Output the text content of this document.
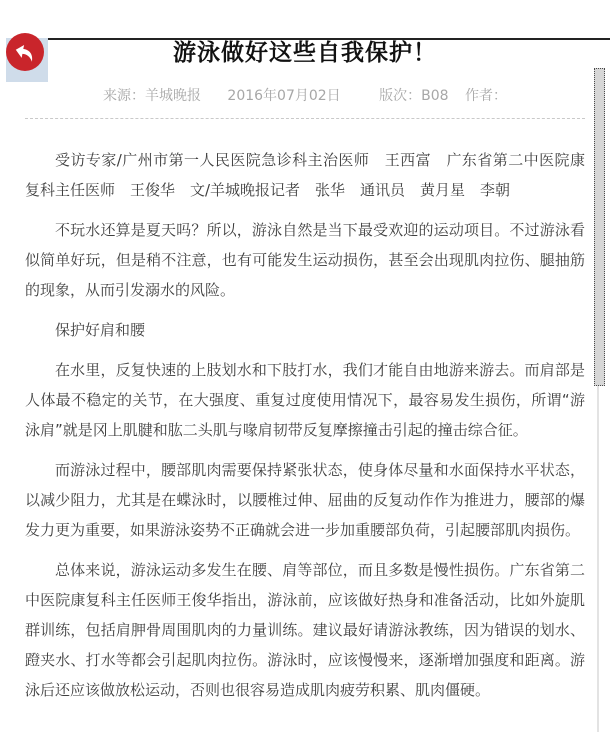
游泳做好这些自我保护！
来源：羊城晚报 2016年07月02日	版次：B08 作者：

受访专家/广州市第一人民医院急诊科主治医师　王西富　广东省第二中医院康复科主任医师　王俊华　文/羊城晚报记者　张华　通讯员　黄月星　李朝

不玩水还算是夏天吗？所以，游泳自然是当下最受欢迎的运动项目。不过游泳看似简单好玩，但是稍不注意，也有可能发生运动损伤，甚至会出现肌肉拉伤、腿抽筋的现象，从而引发溺水的风险。

保护好肩和腰

在水里，反复快速的上肢划水和下肢打水，我们才能自由地游来游去。而肩部是人体最不稳定的关节，在大强度、重复过度使用情况下，最容易发生损伤，所谓“游泳肩”就是冈上肌腱和肱二头肌与喙肩韧带反复摩擦撞击引起的撞击综合征。

而游泳过程中，腰部肌肉需要保持紧张状态，使身体尽量和水面保持水平状态，以减少阻力，尤其是在蝶泳时，以腰椎过伸、屈曲的反复动作作为推进力，腰部的爆发力更为重要，如果游泳姿势不正确就会进一步加重腰部负荷，引起腰部肌肉损伤。

总体来说，游泳运动多发生在腰、肩等部位，而且多数是慢性损伤。广东省第二中医院康复科主任医师王俊华指出，游泳前，应该做好热身和准备活动，比如外旋肌群训练，包括肩胛骨周围肌肉的力量训练。建议最好请游泳教练，因为错误的划水、蹬夹水、打水等都会引起肌肉拉伤。游泳时，应该慢慢来，逐渐增加强度和距离。游泳后还应该做放松运动，否则也很容易造成肌肉疲劳积累、肌肉僵硬。
